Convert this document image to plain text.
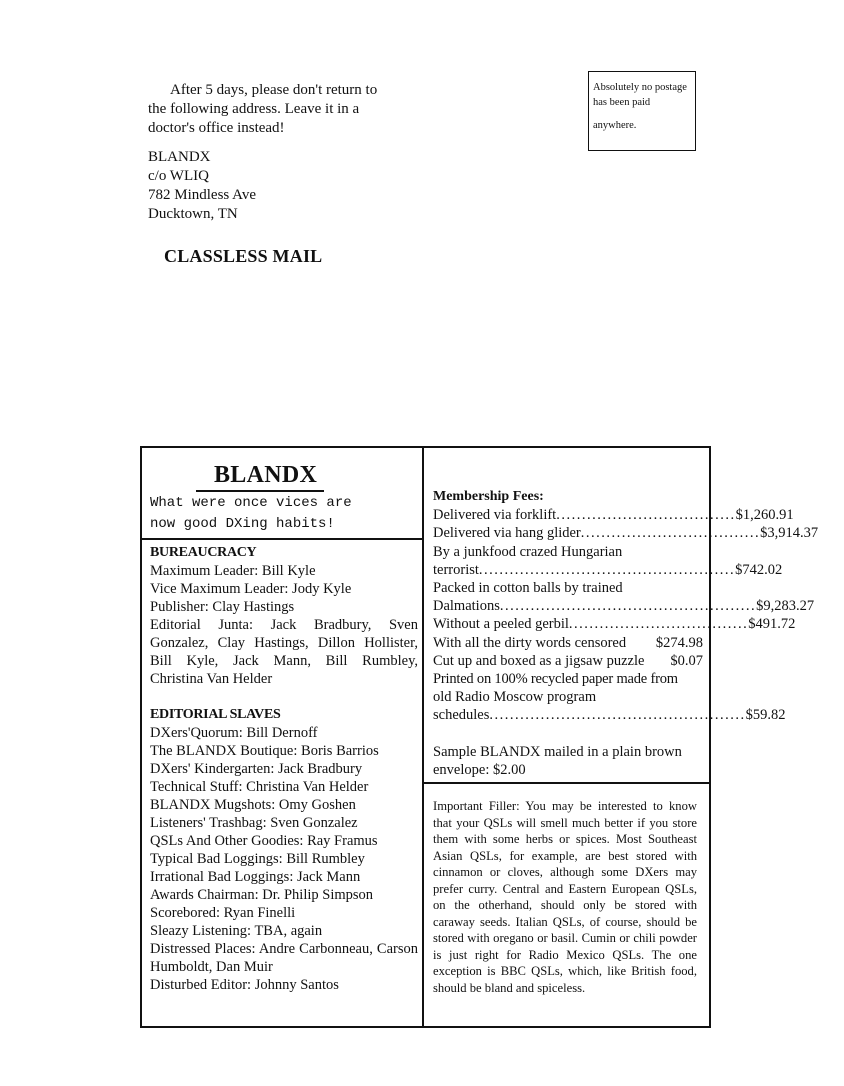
After 5 days, please don't return to
the following address. Leave it in a
doctor's office instead!
BLANDX
c/o WLIQ
782 Mindless Ave
Ducktown, TN
Absolutely no postage
has been paid
anywhere.
CLASSLESS MAIL
BLANDX
What were once vices are
now good DXing habits!
BUREAUCRACY
Maximum Leader: Bill Kyle
Vice Maximum Leader: Jody Kyle
Publisher: Clay Hastings
Editorial Junta: Jack Bradbury, Sven Gonzalez, Clay Hastings, Dillon Hollister, Bill Kyle, Jack Mann, Bill Rumbley, Christina Van Helder
EDITORIAL SLAVES
DXers'Quorum: Bill Dernoff
The BLANDX Boutique: Boris Barrios
DXers' Kindergarten: Jack Bradbury
Technical Stuff: Christina Van Helder
BLANDX Mugshots: Omy Goshen
Listeners' Trashbag: Sven Gonzalez
QSLs And Other Goodies: Ray Framus
Typical Bad Loggings: Bill Rumbley
Irrational Bad Loggings: Jack Mann
Awards Chairman: Dr. Philip Simpson
Scorebored: Ryan Finelli
Sleazy Listening: TBA, again
Distressed Places: Andre Carbonneau, Carson Humboldt, Dan Muir
Disturbed Editor: Johnny Santos
Membership Fees:
Delivered via forklift ................................... $1,260.91
Delivered via hang glider ................................... $3,914.37
By a junkfood crazed Hungarian
terrorist .................................................. $742.02
Packed in cotton balls by trained
Dalmations .................................................. $9,283.27
Without a peeled gerbil ................................... $491.72
With all the dirty words censored $274.98
Cut up and boxed as a jigsaw puzzle $0.07
Printed on 100% recycled paper made from
old Radio Moscow program
schedules .................................................. $59.82
Sample BLANDX mailed in a plain brown envelope: $2.00
Important Filler: You may be interested to know that your QSLs will smell much better if you store them with some herbs or spices. Most Southeast Asian QSLs, for example, are best stored with cinnamon or cloves, although some DXers may prefer curry. Central and Eastern European QSLs, on the otherhand, should only be stored with caraway seeds. Italian QSLs, of course, should be stored with oregano or basil. Cumin or chili powder is just right for Radio Mexico QSLs. The one exception is BBC QSLs, which, like British food, should be bland and spiceless.
